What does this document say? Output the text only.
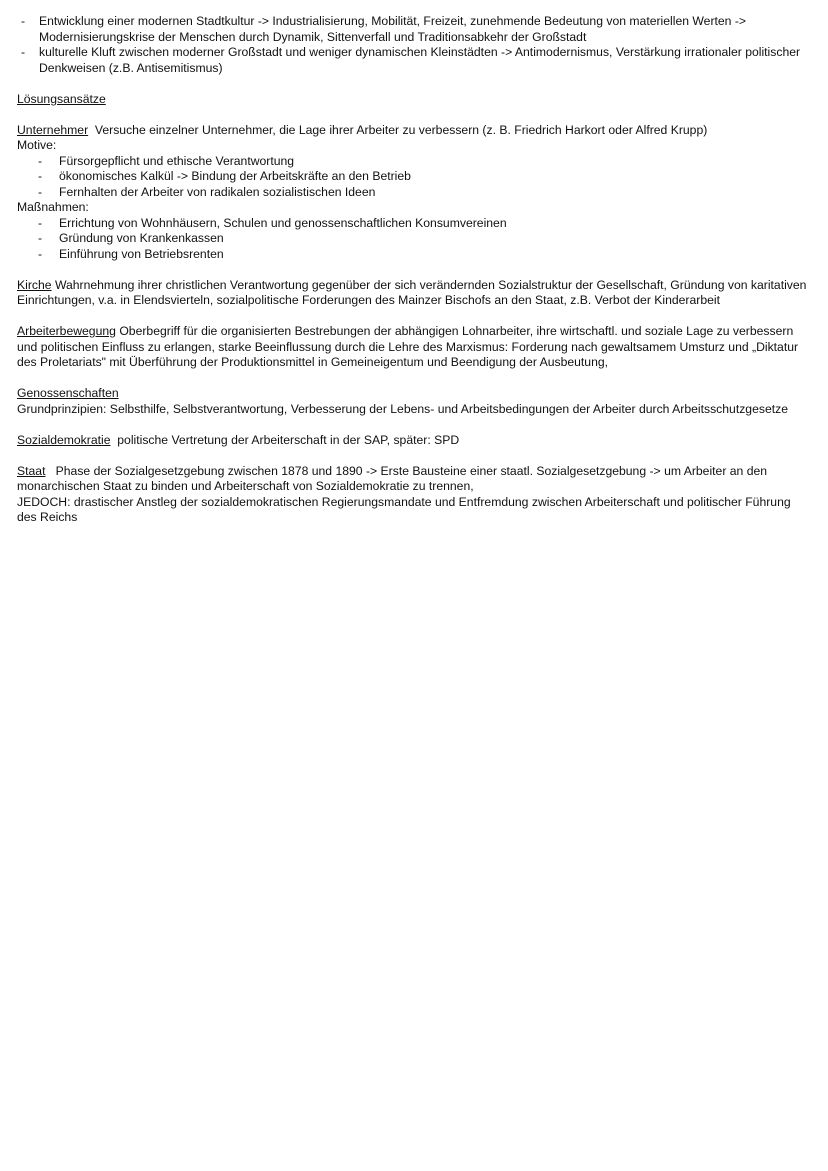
- Entwicklung einer modernen Stadtkultur -> Industrialisierung, Mobilität, Freizeit, zunehmende Bedeutung von materiellen Werten -> Modernisierungskrise der Menschen durch Dynamik, Sittenverfall und Traditionsabkehr der Großstadt
- kulturelle Kluft zwischen moderner Großstadt und weniger dynamischen Kleinstädten -> Antimodernismus, Verstärkung irrationaler politischer Denkweisen (z.B. Antisemitismus)

Lösungsansätze

Unternehmer Versuche einzelner Unternehmer, die Lage ihrer Arbeiter zu verbessern (z. B. Friedrich Harkort oder Alfred Krupp)

Motive:

- Fürsorgepflicht und ethische Verantwortung
- ökonomisches Kalkül -> Bindung der Arbeitskräfte an den Betrieb
- Fernhalten der Arbeiter von radikalen sozialistischen Ideen

Maßnahmen:

- Errichtung von Wohnhäusern, Schulen und genossenschaftlichen Konsumvereinen
- Gründung von Krankenkassen
- Einführung von Betriebsrenten

Kirche Wahrnehmung ihrer christlichen Verantwortung gegenüber der sich verändernden Sozialstruktur der Gesellschaft, Gründung von karitativen Einrichtungen, v.a. in Elendsvierteln, sozialpolitische Forderungen des Mainzer Bischofs an den Staat, z.B. Verbot der Kinderarbeit

Arbeiterbewegung Oberbegriff für die organisierten Bestrebungen der abhängigen Lohnarbeiter, ihre wirtschaftl. und soziale Lage zu verbessern und politischen Einfluss zu erlangen, starke Beeinflussung durch die Lehre des Marxismus: Forderung nach gewaltsamem Umsturz und „Diktatur des Proletariats" mit Überführung der Produktionsmittel in Gemeineigentum und Beendigung der Ausbeutung,

Genossenschaften

Grundprinzipien: Selbsthilfe, Selbstverantwortung, Verbesserung der Lebens- und Arbeitsbedingungen der Arbeiter durch Arbeitsschutzgesetze

Sozialdemokratie politische Vertretung der Arbeiterschaft in der SAP, später: SPD

Staat Phase der Sozialgesetzgebung zwischen 1878 und 1890 -> Erste Bausteine einer staatl. Sozialgesetzgebung -> um Arbeiter an den monarchischen Staat zu binden und Arbeiterschaft von Sozialdemokratie zu trennen,

JEDOCH: drastischer Anstleg der sozialdemokratischen Regierungsmandate und Entfremdung zwischen Arbeiterschaft und politischer Führung des Reichs
